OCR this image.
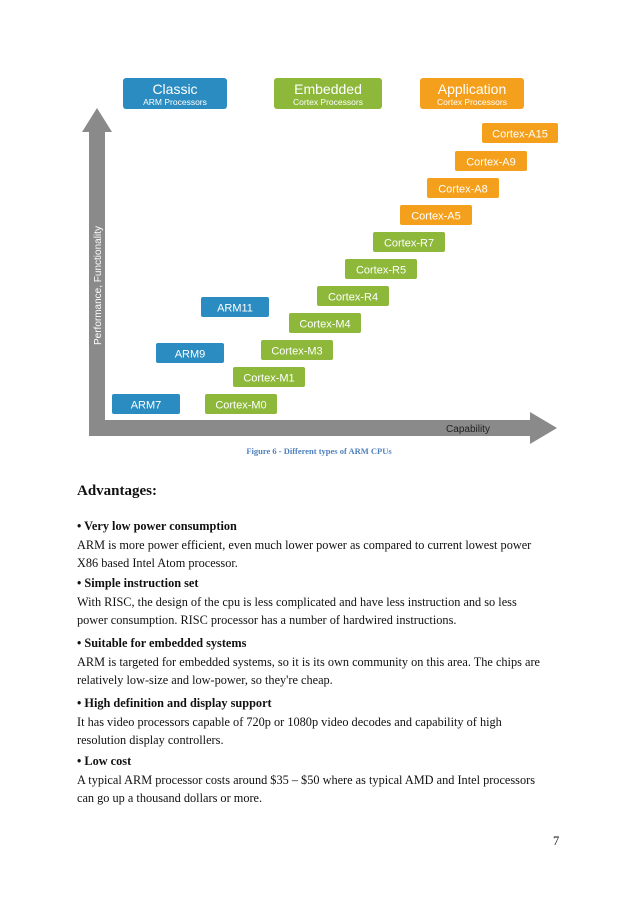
Performance, Functionality
Capability
Classic
ARM Processors
Embedded
Cortex Processors
Application
Cortex Processors
ARM7
ARM9
ARM11
Cortex-M0
Cortex-M1
Cortex-M3
Cortex-M4
Cortex-R4
Cortex-R5
Cortex-R7
Cortex-A5
Cortex-A8
Cortex-A9
Cortex-A15
Figure 6 - Different types of ARM CPUs
Advantages:
• Very low power consumption
ARM is more power efficient, even much lower power as compared to current lowest power
X86 based Intel Atom processor.
• Simple instruction set
With RISC, the design of the cpu is less complicated and have less instruction and so less
power consumption. RISC processor has a number of hardwired instructions.
• Suitable for embedded systems
ARM is targeted for embedded systems, so it is its own community on this area. The chips are
relatively low-size and low-power, so they're cheap.
• High definition and display support
It has video processors capable of 720p or 1080p video decodes and capability of high
resolution display controllers.
• Low cost
A typical ARM processor costs around $35 – $50 where as typical AMD and Intel processors
can go up a thousand dollars or more.
7
